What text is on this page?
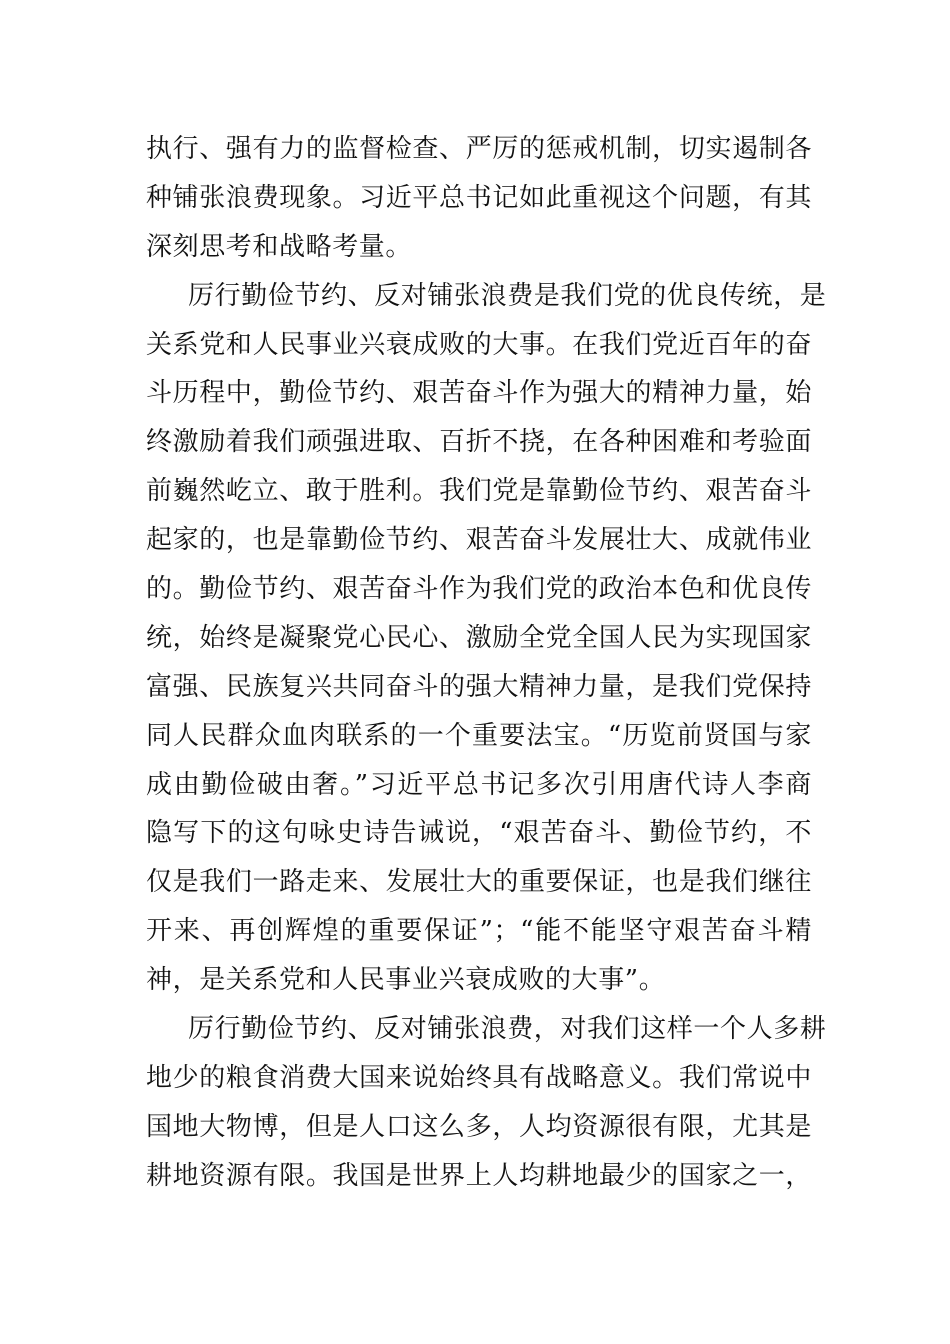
执行、强有力的监督检查、严厉的惩戒机制，切实遏制各
种铺张浪费现象。习近平总书记如此重视这个问题，有其
深刻思考和战略考量。
厉行勤俭节约、反对铺张浪费是我们党的优良传统，是
关系党和人民事业兴衰成败的大事。在我们党近百年的奋
斗历程中，勤俭节约、艰苦奋斗作为强大的精神力量，始
终激励着我们顽强进取、百折不挠，在各种困难和考验面
前巍然屹立、敢于胜利。我们党是靠勤俭节约、艰苦奋斗
起家的，也是靠勤俭节约、艰苦奋斗发展壮大、成就伟业
的。勤俭节约、艰苦奋斗作为我们党的政治本色和优良传
统，始终是凝聚党心民心、激励全党全国人民为实现国家
富强、民族复兴共同奋斗的强大精神力量，是我们党保持
同人民群众血肉联系的一个重要法宝。“历览前贤国与家
成由勤俭破由奢。”习近平总书记多次引用唐代诗人李商
隐写下的这句咏史诗告诫说，“艰苦奋斗、勤俭节约，不
仅是我们一路走来、发展壮大的重要保证，也是我们继往
开来、再创辉煌的重要保证”；“能不能坚守艰苦奋斗精
神，是关系党和人民事业兴衰成败的大事”。
厉行勤俭节约、反对铺张浪费，对我们这样一个人多耕
地少的粮食消费大国来说始终具有战略意义。我们常说中
国地大物博，但是人口这么多，人均资源很有限，尤其是
耕地资源有限。我国是世界上人均耕地最少的国家之一，
